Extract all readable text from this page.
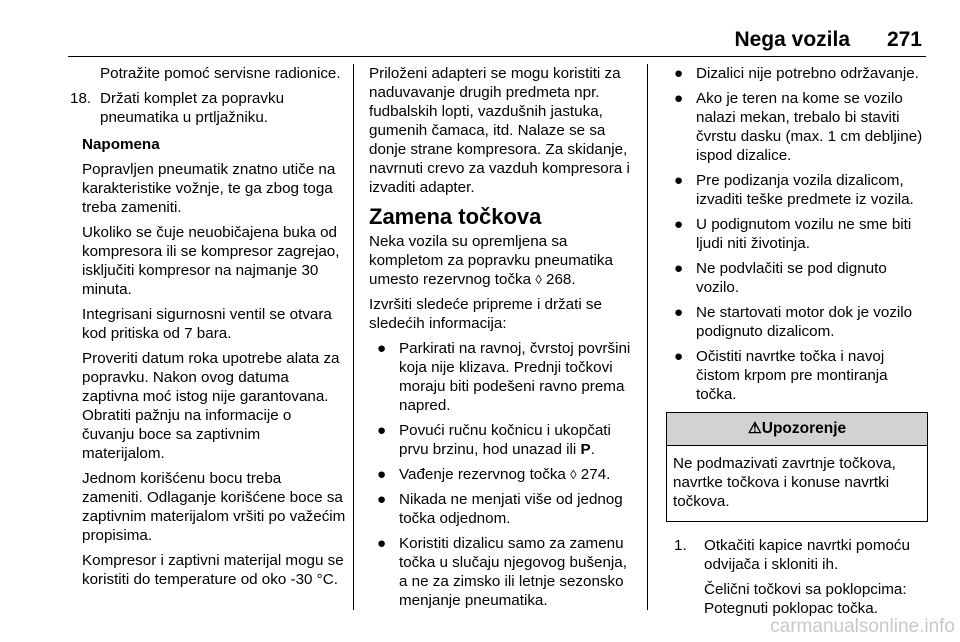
Nega vozila	271

Potražite pomoć servisne radionice.

18. Držati komplet za popravku pneumatika u prtljažniku.

Napomena

Popravljen pneumatik znatno utiče na karakteristike vožnje, te ga zbog toga treba zameniti.

Ukoliko se čuje neuobičajena buka od kompresora ili se kompresor zagrejao, isključiti kompresor na najmanje 30 minuta.

Integrisani sigurnosni ventil se otvara kod pritiska od 7 bara.

Proveriti datum roka upotrebe alata za popravku. Nakon ovog datuma zaptivna moć istog nije garantovana. Obratiti pažnju na informacije o čuvanju boce sa zaptivnim materijalom.

Jednom korišćenu bocu treba zameniti. Odlaganje korišćene boce sa zaptivnim materijalom vršiti po važećim propisima.

Kompresor i zaptivni materijal mogu se koristiti do temperature od oko -30 °C.

Priloženi adapteri se mogu koristiti za naduvavanje drugih predmeta npr. fudbalskih lopti, vazdušnih jastuka, gumenih čamaca, itd. Nalaze se sa donje strane kompresora. Za skidanje, navrnuti crevo za vazduh kompresora i izvaditi adapter.

Zamena točkova

Neka vozila su opremljena sa kompletom za popravku pneumatika umesto rezervnog točka ◊ 268.

Izvršiti sledeće pripreme i držati se sledećih informacija:

● Parkirati na ravnoj, čvrstoj površini koja nije klizava. Prednji točkovi moraju biti podešeni ravno prema napred.
● Povući ručnu kočnicu i ukopčati prvu brzinu, hod unazad ili P.
● Vađenje rezervnog točka ◊ 274.
● Nikada ne menjati više od jednog točka odjednom.
● Koristiti dizalicu samo za zamenu točka u slučaju njegovog bušenja, a ne za zimsko ili letnje sezonsko menjanje pneumatika.
● Dizalici nije potrebno održavanje.
● Ako je teren na kome se vozilo nalazi mekan, trebalo bi staviti čvrstu dasku (max. 1 cm debljine) ispod dizalice.
● Pre podizanja vozila dizalicom, izvaditi teške predmete iz vozila.
● U podignutom vozilu ne sme biti ljudi niti životinja.
● Ne podvlačiti se pod dignuto vozilo.
● Ne startovati motor dok je vozilo podignuto dizalicom.
● Očistiti navrtke točka i navoj čistom krpom pre montiranja točka.
⚠Upozorenje
Ne podmazivati zavrtnje točkova, navrtke točkova i konuse navrtki točkova.
1. Otkačiti kapice navrtki pomoću odvijača i skloniti ih.

Čelični točkovi sa poklopcima: Potegnuti poklopac točka.

carmanualsonline.info
